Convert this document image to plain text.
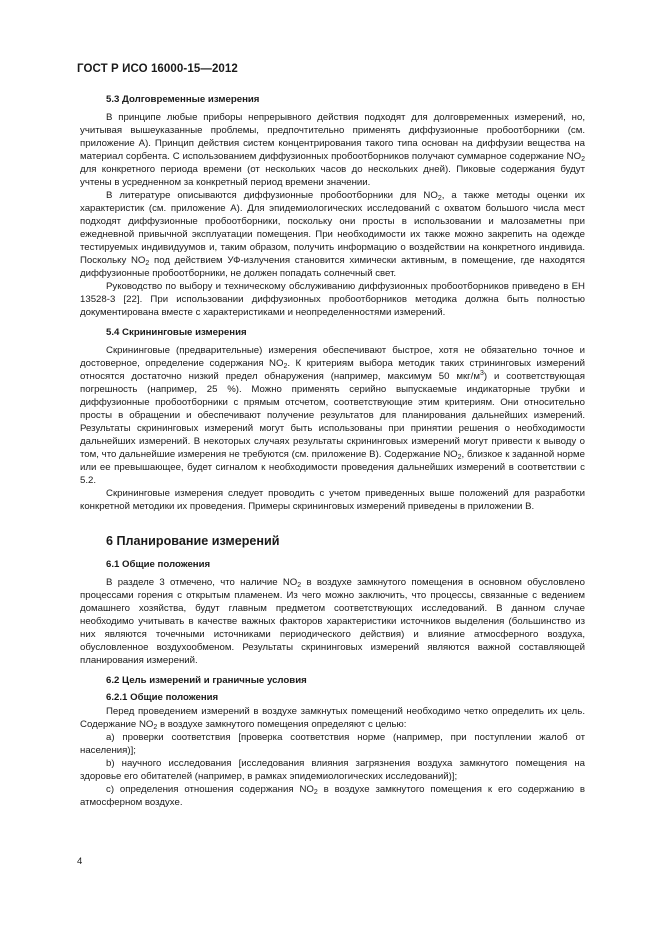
ГОСТ Р ИСО 16000-15—2012
5.3 Долговременные измерения

В принципе любые приборы непрерывного действия подходят для долговременных измерений, но, учитывая вышеуказанные проблемы, предпочтительно применять диффузионные пробоотборники (см. приложение А). Принцип действия систем концентрирования такого типа основан на диффузии вещества на материал сорбента. С использованием диффузионных пробоотборников получают суммарное содержание $NO_2$ для конкретного периода времени (от нескольких часов до нескольких дней). Пиковые содержания будут учтены в усредненном за конкретный период времени значении.

В литературе описываются диффузионные пробоотборники для $NO_2$, а также методы оценки их характеристик (см. приложение А). Для эпидемиологических исследований с охватом большого числа мест подходят диффузионные пробоотборники, поскольку они просты в использовании и малозаметны при ежедневной привычной эксплуатации помещения. При необходимости их также можно закрепить на одежде тестируемых индивидуумов и, таким образом, получить информацию о воздействии на конкретного индивида. Поскольку $NO_2$ под действием УФ-излучения становится химически активным, в помещение, где находятся диффузионные пробоотборники, не должен попадать солнечный свет.

Руководство по выбору и техническому обслуживанию диффузионных пробоотборников приведено в ЕН 13528-3 [22]. При использовании диффузионных пробоотборников методика должна быть полностью документирована вместе с характеристиками и неопределенностями измерений.

5.4 Скрининговые измерения

Скрининговые (предварительные) измерения обеспечивают быстрое, хотя не обязательно точное и достоверное, определение содержания $NO_2$. К критериям выбора методик таких стрининговых измерений относятся достаточно низкий предел обнаружения (например, максимум 50 мкг/$м^3$) и соответствующая погрешность (например, 25 %). Можно применять серийно выпускаемые индикаторные трубки и диффузионные пробоотборники с прямым отсчетом, соответствующие этим критериям. Они относительно просты в обращении и обеспечивают получение результатов для планирования дальнейших измерений. Результаты скрининговых измерений могут быть использованы при принятии решения о необходимости дальнейших измерений. В некоторых случаях результаты скрининговых измерений могут привести к выводу о том, что дальнейшие измерения не требуются (см. приложение В). Содержание $NO_2$, близкое к заданной норме или ее превышающее, будет сигналом к необходимости проведения дальнейших измерений в соответствии с 5.2.

Скрининговые измерения следует проводить с учетом приведенных выше положений для разработки конкретной методики их проведения. Примеры скрининговых измерений приведены в приложении В.

6 Планирование измерений
6.1 Общие положения

В разделе 3 отмечено, что наличие $NO_2$ в воздухе замкнутого помещения в основном обусловлено процессами горения с открытым пламенем. Из чего можно заключить, что процессы, связанные с ведением домашнего хозяйства, будут главным предметом соответствующих исследований. В данном случае необходимо учитывать в качестве важных факторов характеристики источников выделения (большинство из них являются точечными источниками периодического действия) и влияние атмосферного воздуха, обусловленное воздухообменом. Результаты скрининговых измерений являются важной составляющей планирования измерений.

6.2 Цель измерений и граничные условия
6.2.1 Общие положения

Перед проведением измерений в воздухе замкнутых помещений необходимо четко определить их цель. Содержание $NO_2$ в воздухе замкнутого помещения определяют с целью:

а) проверки соответствия [проверка соответствия норме (например, при поступлении жалоб от населения)];

b) научного исследования [исследования влияния загрязнения воздуха замкнутого помещения на здоровье его обитателей (например, в рамках эпидемиологических исследований)];

с) определения отношения содержания $NO_2$ в воздухе замкнутого помещения к его содержанию в атмосферном воздухе.

4
